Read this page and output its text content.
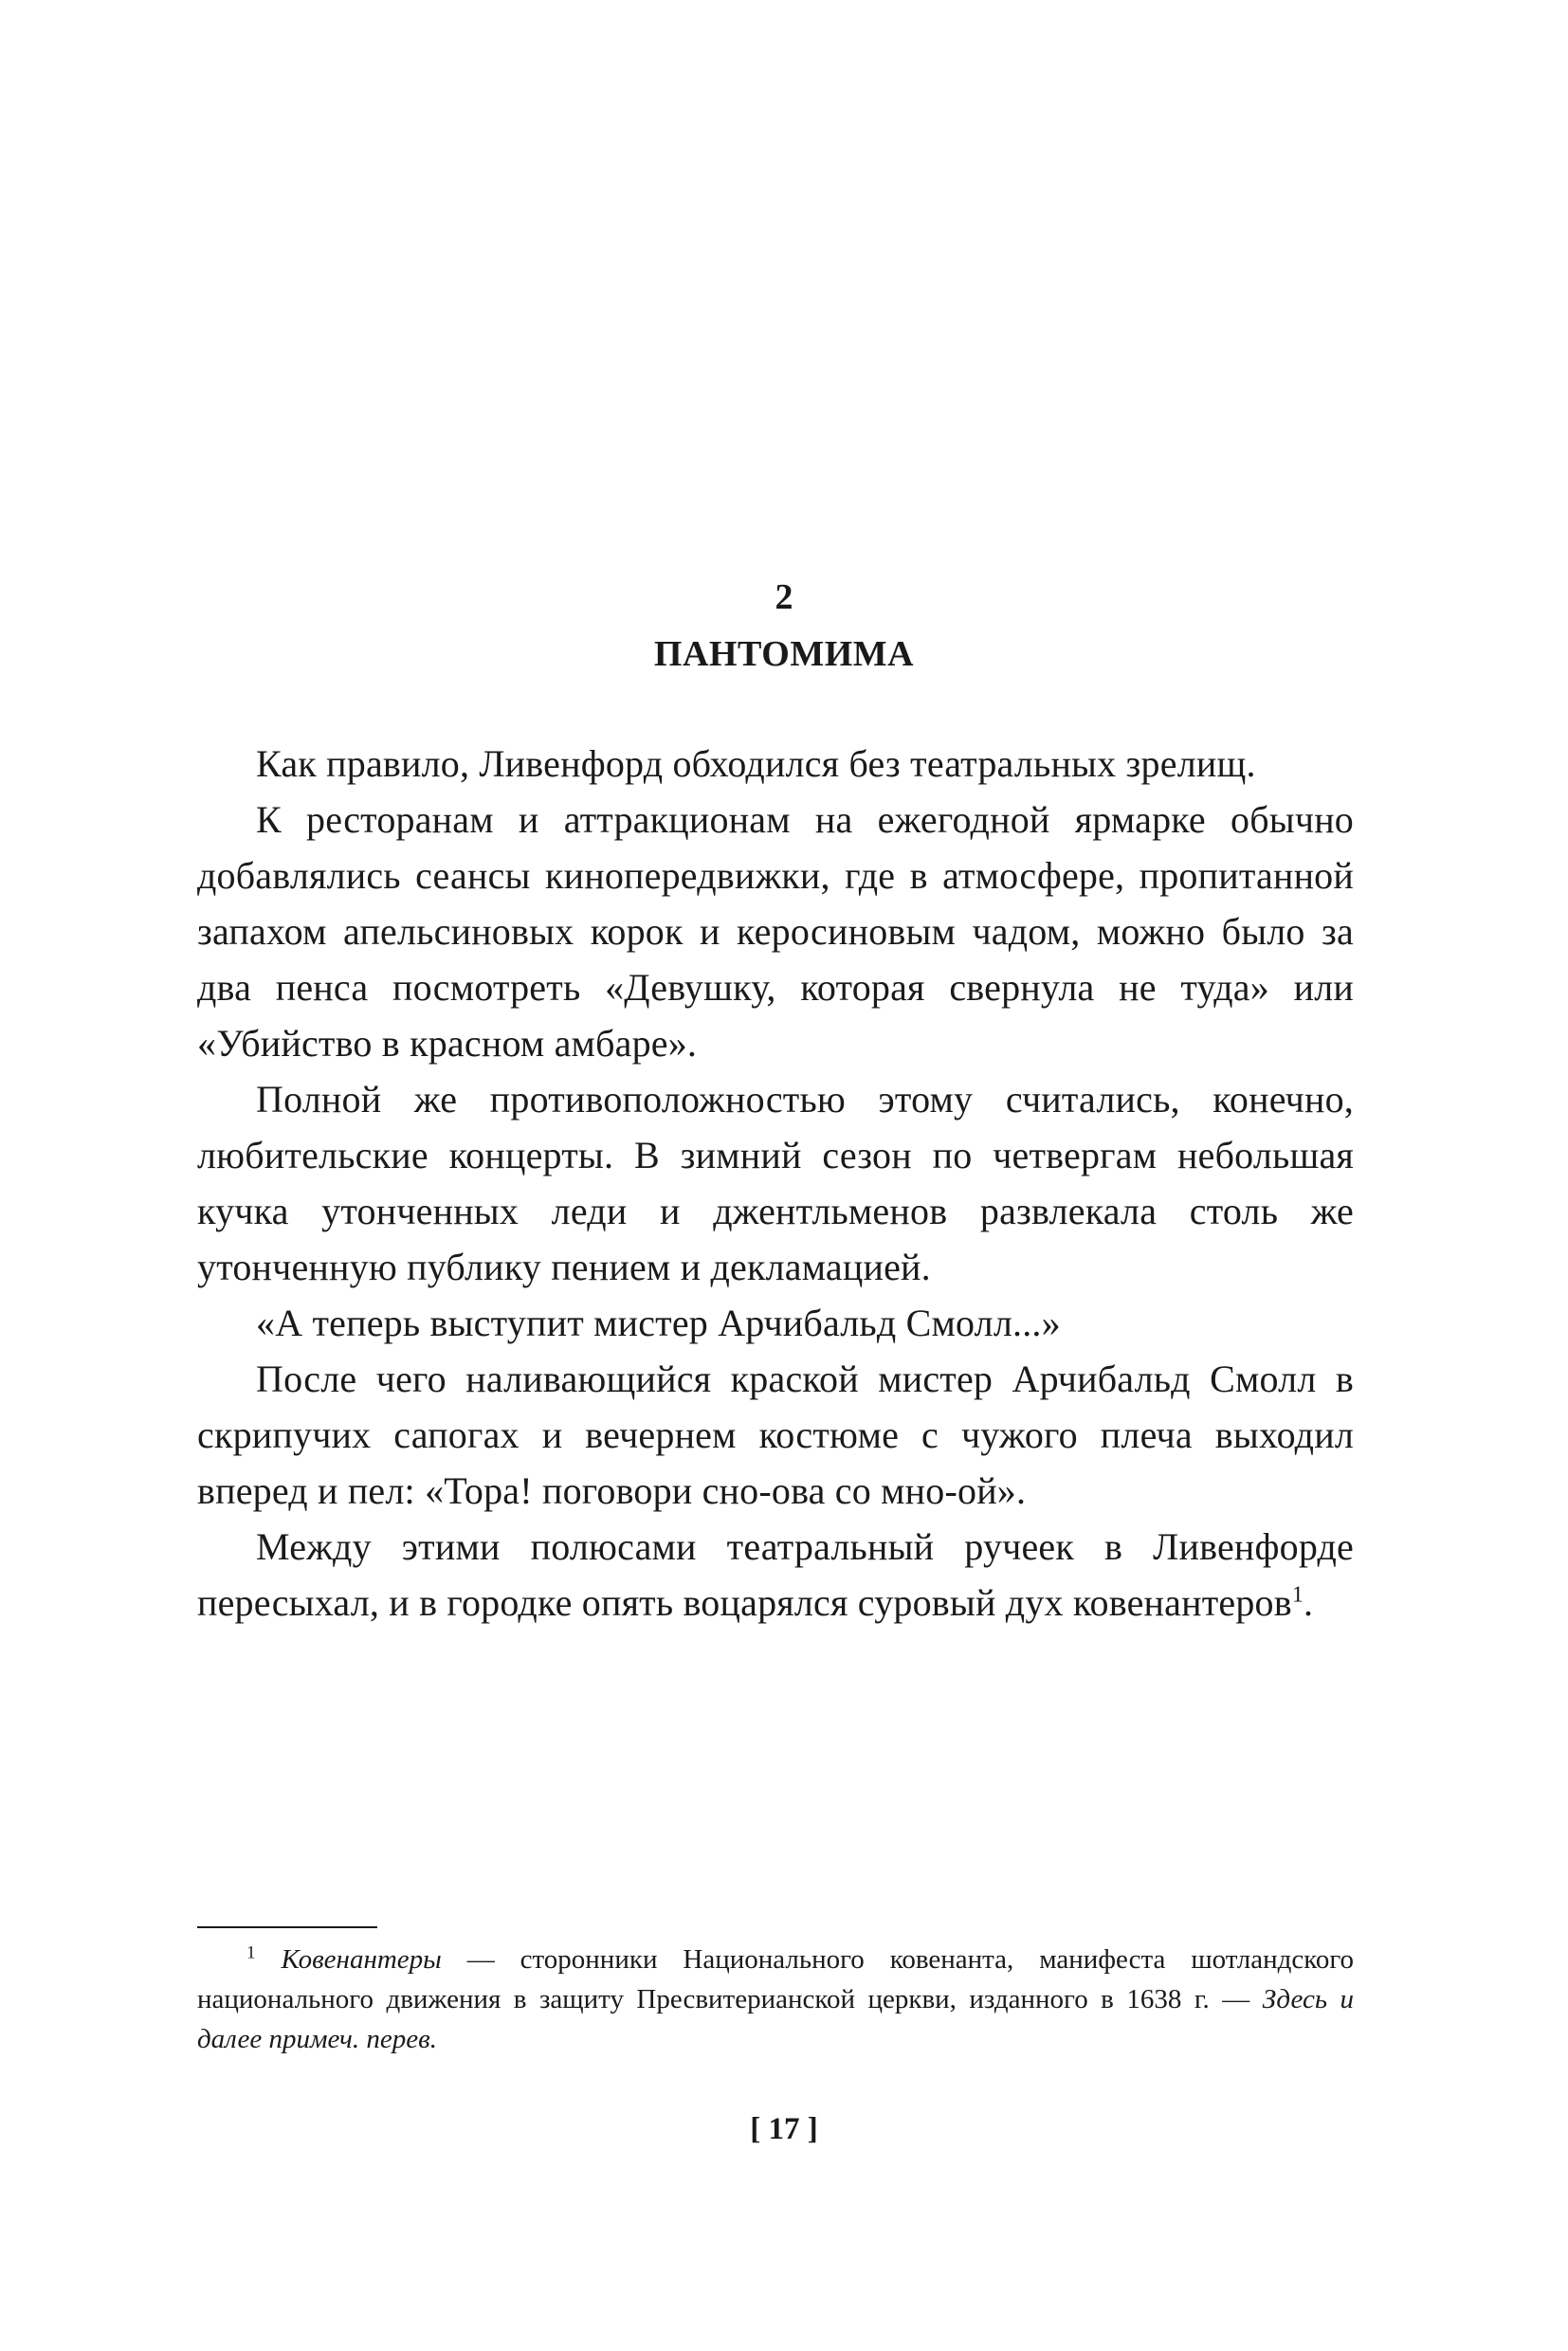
2
ПАНТОМИМА

Как правило, Ливенфорд обходился без театральных зрелищ.

К ресторанам и аттракционам на ежегодной ярмарке обычно добавлялись сеансы кинопередвижки, где в атмосфере, пропитанной запахом апельсиновых корок и керосиновым чадом, можно было за два пенса посмотреть «Девушку, которая свернула не туда» или «Убийство в красном амбаре».

Полной же противоположностью этому считались, конечно, любительские концерты. В зимний сезон по четвергам небольшая кучка утонченных леди и джентльменов развлекала столь же утонченную публику пением и декламацией.

«А теперь выступит мистер Арчибальд Смолл...»

После чего наливающийся краской мистер Арчибальд Смолл в скрипучих сапогах и вечернем костюме с чужого плеча выходил вперед и пел: «Тора! поговори сно-ова со мно-ой».

Между этими полюсами театральный ручеек в Ливенфорде пересыхал, и в городке опять воцарялся суровый дух ковенантеров$^1$.

$^1$ Ковенантеры — сторонники Национального ковенанта, манифеста шотландского национального движения в защиту Пресвитерианской церкви, изданного в 1638 г. — Здесь и далее примеч. перев.
[ 17 ]
